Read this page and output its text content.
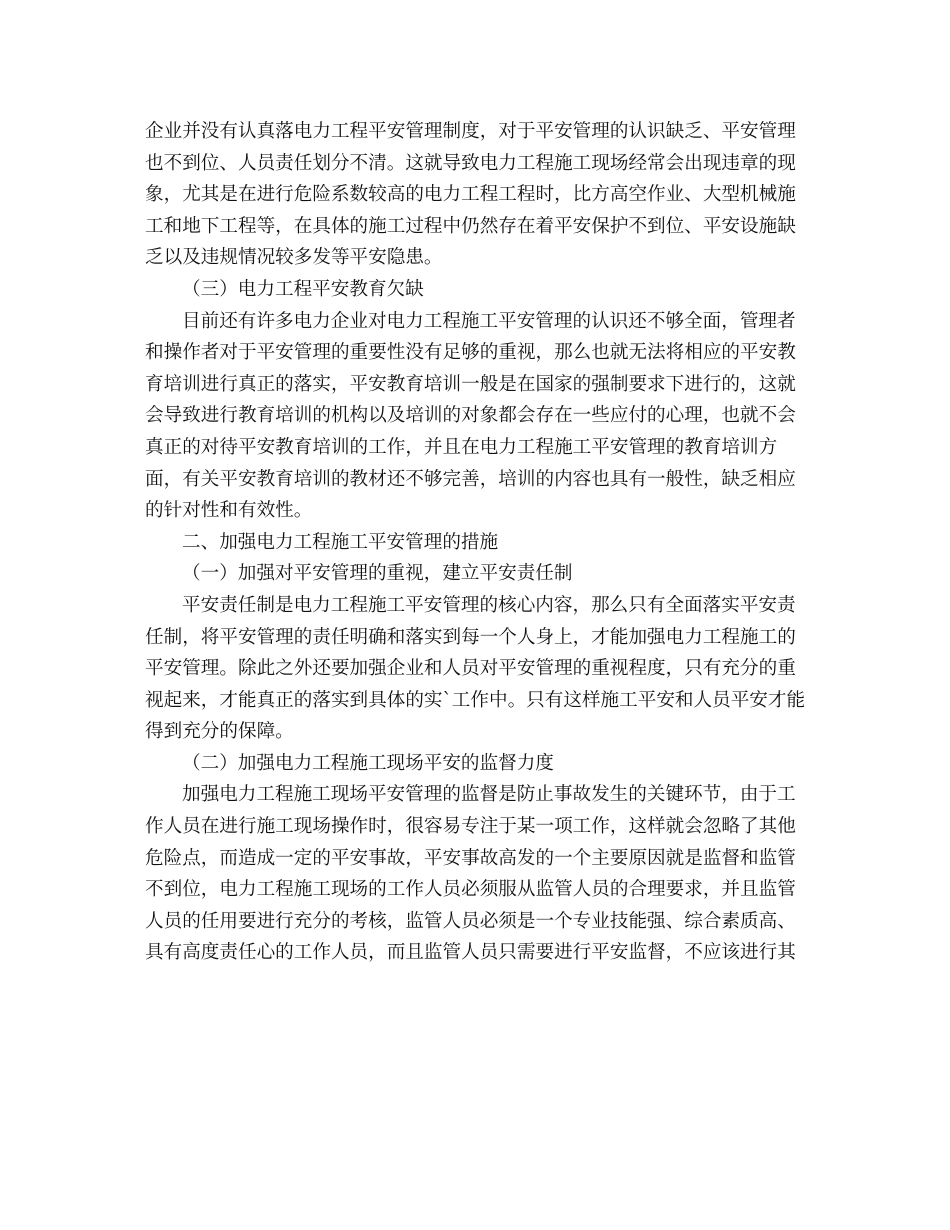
企业并没有认真落电力工程平安管理制度，对于平安管理的认识缺乏、平安管理
也不到位、人员责任划分不清。这就导致电力工程施工现场经常会出现违章的现
象，尤其是在进行危险系数较高的电力工程工程时，比方高空作业、大型机械施
工和地下工程等，在具体的施工过程中仍然存在着平安保护不到位、平安设施缺
乏以及违规情况较多发等平安隐患。

（三）电力工程平安教育欠缺

目前还有许多电力企业对电力工程施工平安管理的认识还不够全面，管理者
和操作者对于平安管理的重要性没有足够的重视，那么也就无法将相应的平安教
育培训进行真正的落实，平安教育培训一般是在国家的强制要求下进行的，这就
会导致进行教育培训的机构以及培训的对象都会存在一些应付的心理，也就不会
真正的对待平安教育培训的工作，并且在电力工程施工平安管理的教育培训方
面，有关平安教育培训的教材还不够完善，培训的内容也具有一般性，缺乏相应
的针对性和有效性。

二、加强电力工程施工平安管理的措施

（一）加强对平安管理的重视，建立平安责任制

平安责任制是电力工程施工平安管理的核心内容，那么只有全面落实平安责
任制，将平安管理的责任明确和落实到每一个人身上，才能加强电力工程施工的
平安管理。除此之外还要加强企业和人员对平安管理的重视程度，只有充分的重
视起来，才能真正的落实到具体的实`工作中。只有这样施工平安和人员平安才能
得到充分的保障。

（二）加强电力工程施工现场平安的监督力度

加强电力工程施工现场平安管理的监督是防止事故发生的关键环节，由于工
作人员在进行施工现场操作时，很容易专注于某一项工作，这样就会忽略了其他
危险点，而造成一定的平安事故，平安事故高发的一个主要原因就是监督和监管
不到位，电力工程施工现场的工作人员必须服从监管人员的合理要求，并且监管
人员的任用要进行充分的考核，监管人员必须是一个专业技能强、综合素质高、
具有高度责任心的工作人员，而且监管人员只需要进行平安监督，不应该进行其
